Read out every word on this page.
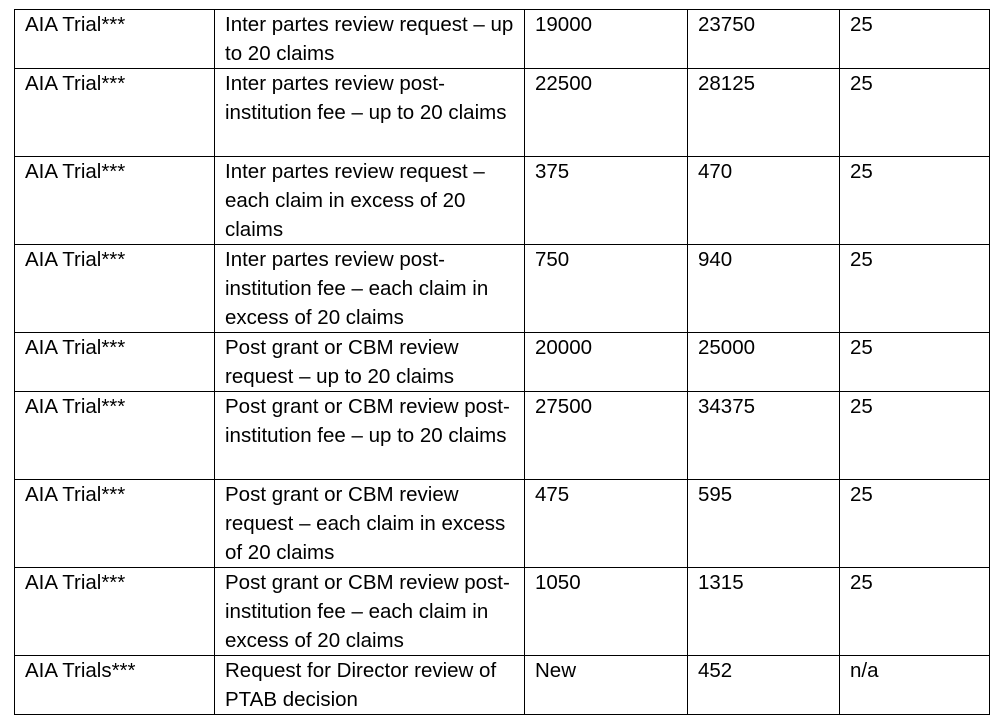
AIA Trial***	Inter partes review request – up to 20 claims	19000	23750	25
AIA Trial***	Inter partes review post-institution fee – up to 20 claims	22500	28125	25
AIA Trial***	Inter partes review request – each claim in excess of 20 claims	375	470	25
AIA Trial***	Inter partes review post-institution fee – each claim in excess of 20 claims	750	940	25
AIA Trial***	Post grant or CBM review request – up to 20 claims	20000	25000	25
AIA Trial***	Post grant or CBM review post-institution fee – up to 20 claims	27500	34375	25
AIA Trial***	Post grant or CBM review request – each claim in excess of 20 claims	475	595	25
AIA Trial***	Post grant or CBM review post-institution fee – each claim in excess of 20 claims	1050	1315	25
AIA Trials***	Request for Director review of PTAB decision	New	452	n/a
